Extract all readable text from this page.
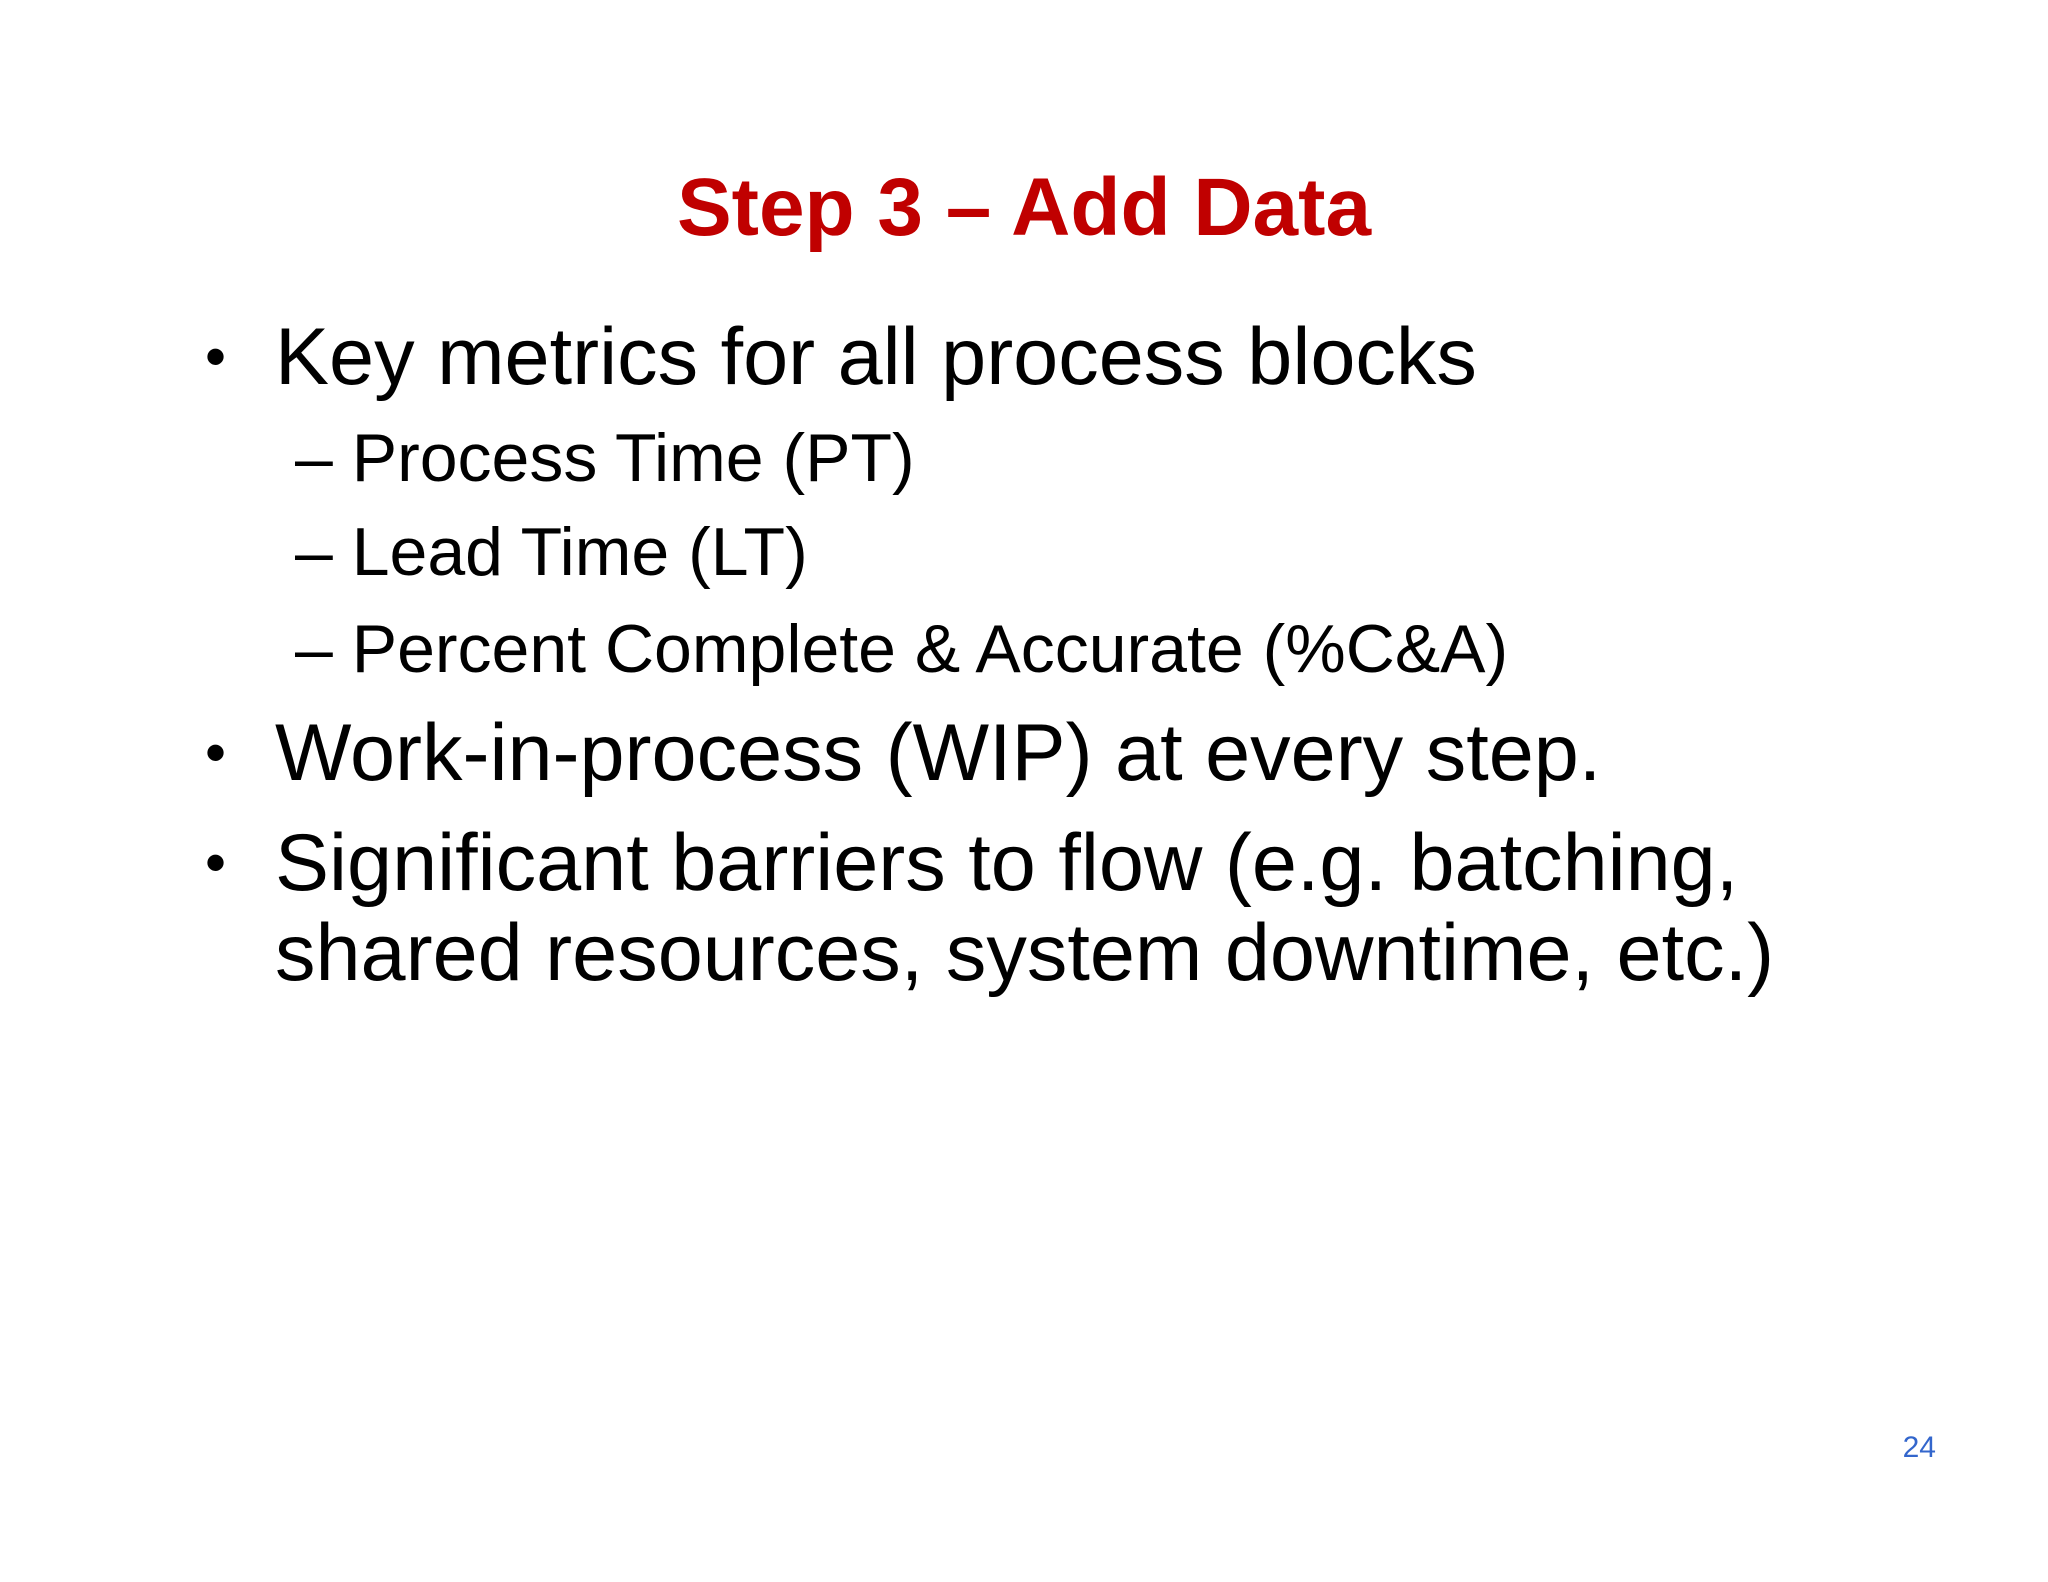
Step 3 – Add Data
• Key metrics for all process blocks
– Process Time (PT)
– Lead Time (LT)
– Percent Complete & Accurate (%C&A)
• Work-in-process (WIP) at every step.
• Significant barriers to flow (e.g. batching,
shared resources, system downtime, etc.)
24
